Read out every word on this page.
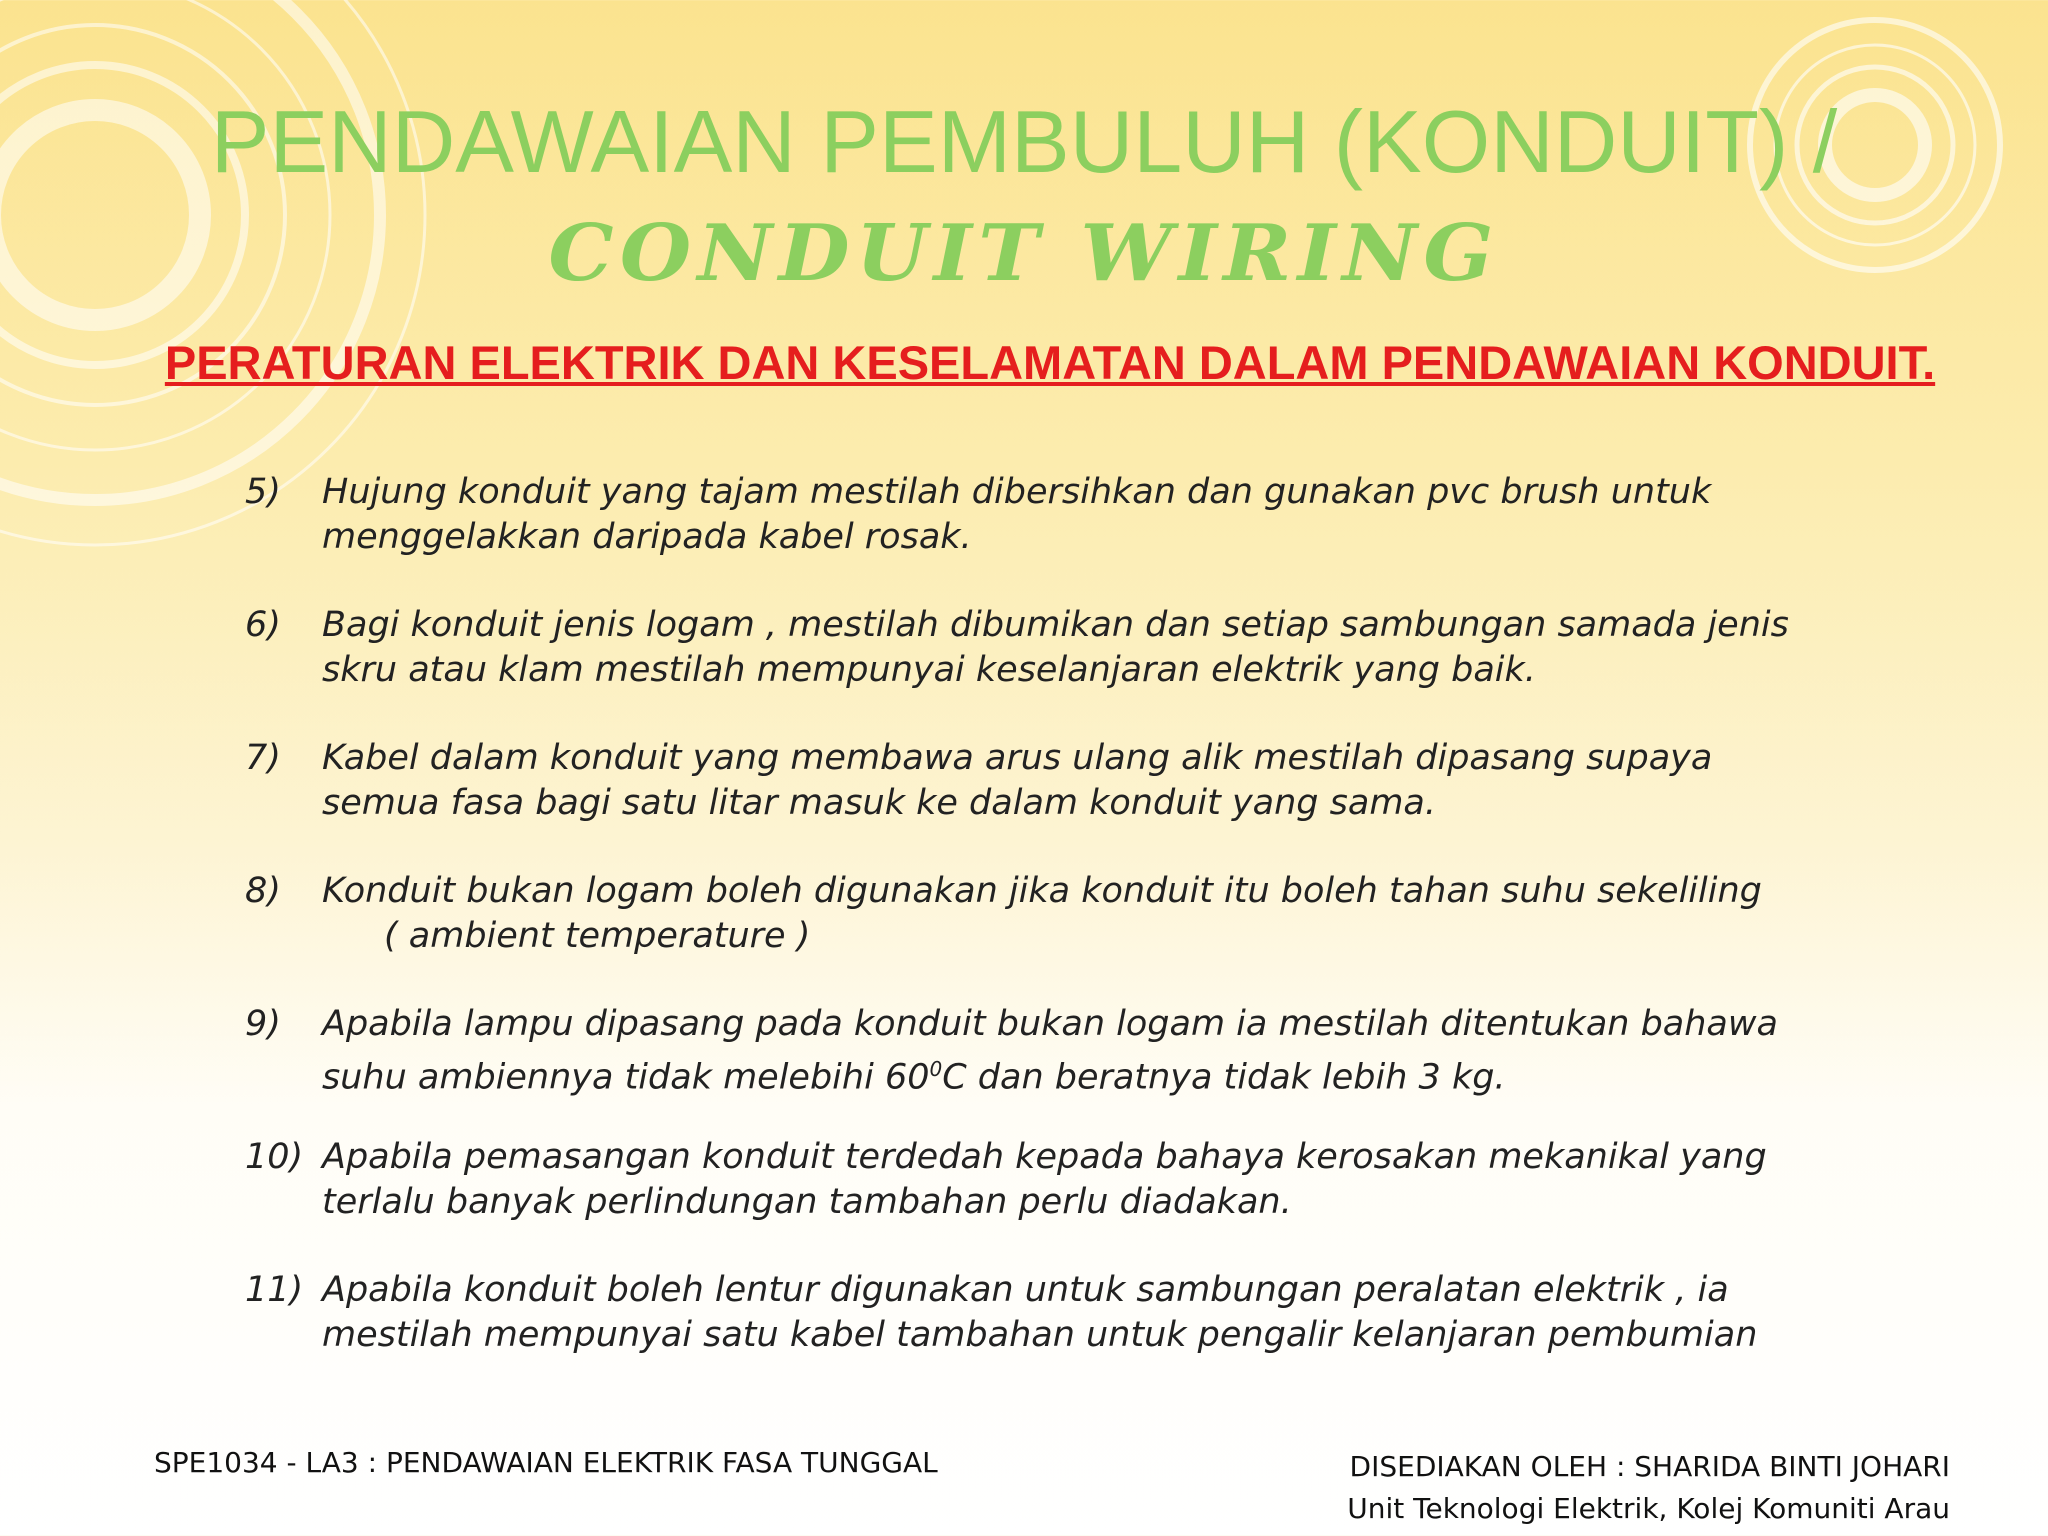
PENDAWAIAN PEMBULUH (KONDUIT) /
CONDUIT WIRING
PERATURAN ELEKTRIK DAN KESELAMATAN DALAM PENDAWAIAN KONDUIT.
5) Hujung konduit yang tajam mestilah dibersihkan dan gunakan pvc brush untuk
menggelakkan daripada kabel rosak.
6) Bagi konduit jenis logam , mestilah dibumikan dan setiap sambungan samada jenis
skru atau klam mestilah mempunyai keselanjaran elektrik yang baik.
7) Kabel dalam konduit yang membawa arus ulang alik mestilah dipasang supaya
semua fasa bagi satu litar masuk ke dalam konduit yang sama.
8) Konduit bukan logam boleh digunakan jika konduit itu boleh tahan suhu sekeliling
( ambient temperature )
9) Apabila lampu dipasang pada konduit bukan logam ia mestilah ditentukan bahawa
suhu ambiennya tidak melebihi $60^0C$ dan beratnya tidak lebih 3 kg.
10) Apabila pemasangan konduit terdedah kepada bahaya kerosakan mekanikal yang
terlalu banyak perlindungan tambahan perlu diadakan.
11) Apabila konduit boleh lentur digunakan untuk sambungan peralatan elektrik , ia
mestilah mempunyai satu kabel tambahan untuk pengalir kelanjaran pembumian
SPE1034 - LA3 : PENDAWAIAN ELEKTRIK FASA TUNGGAL	DISEDIAKAN OLEH : SHARIDA BINTI JOHARI
Unit Teknologi Elektrik, Kolej Komuniti Arau
